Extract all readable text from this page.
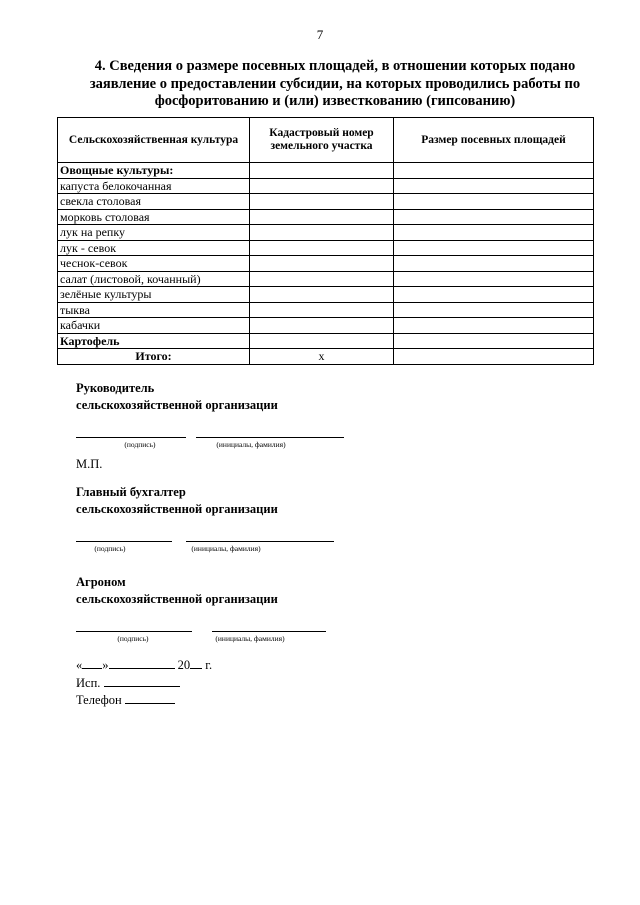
7
4. Сведения о размере посевных площадей, в отношении которых подано заявление о предоставлении субсидии, на которых проводились работы по фосфоритованию и (или) известкованию (гипсованию)
Сельскохозяйственная культура	Кадастровый номер земельного участка	Размер посевных площадей
Овощные культуры:		
капуста белокочанная		
свекла столовая		
морковь столовая		
лук на репку		
лук - севок		
чеснок-севок		
салат (листовой, кочанный)		
зелёные культуры		
тыква		
кабачки		
Картофель		
Итого:	х	
Руководитель
сельскохозяйственной организации
(подпись)	(инициалы, фамилия)
М.П.
Главный бухгалтер
сельскохозяйственной организации
(подпись)	(инициалы, фамилия)
Агроном
сельскохозяйственной организации
(подпись)	(инициалы, фамилия)
« »	20 г.
Исп.
Телефон
